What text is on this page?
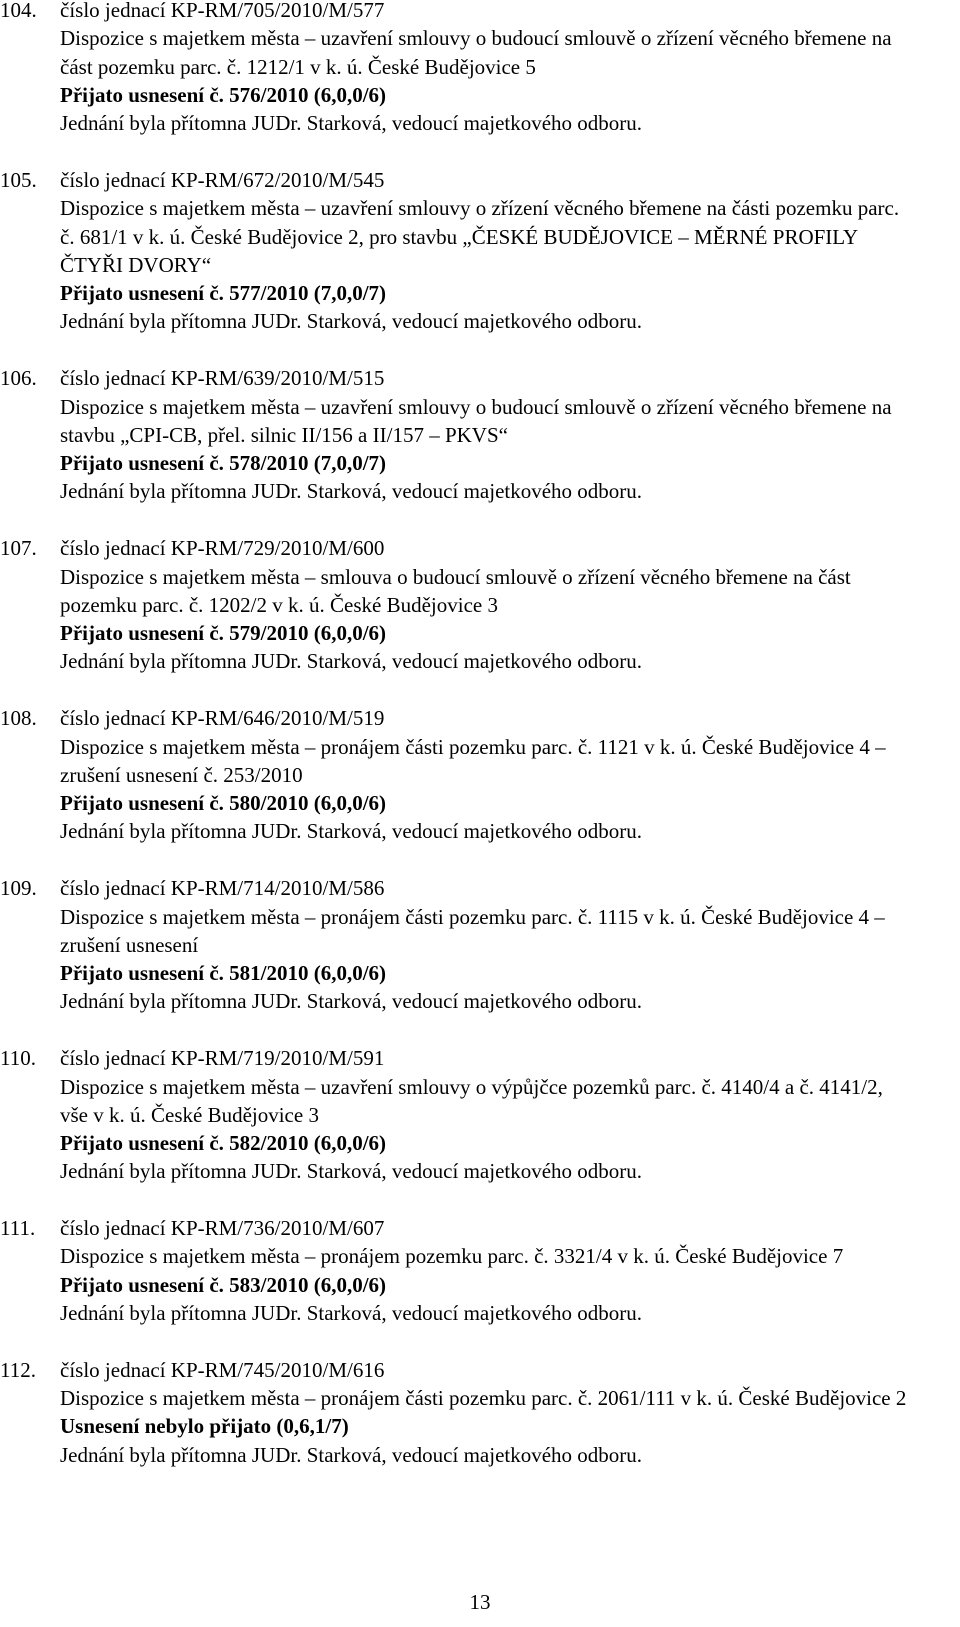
104. číslo jednací KP-RM/705/2010/M/577
Dispozice s majetkem města – uzavření smlouvy o budoucí smlouvě o zřízení věcného břemene na část pozemku parc. č. 1212/1 v k. ú. České Budějovice 5
Přijato usnesení č. 576/2010 (6,0,0/6)
Jednání byla přítomna JUDr. Starková, vedoucí majetkového odboru.
105. číslo jednací KP-RM/672/2010/M/545
Dispozice s majetkem města – uzavření smlouvy o zřízení věcného břemene na části pozemku parc. č. 681/1 v k. ú. České Budějovice 2, pro stavbu „ČESKÉ BUDĚJOVICE – MĚRNÉ PROFILY ČTYŘI DVORY“
Přijato usnesení č. 577/2010 (7,0,0/7)
Jednání byla přítomna JUDr. Starková, vedoucí majetkového odboru.
106. číslo jednací KP-RM/639/2010/M/515
Dispozice s majetkem města – uzavření smlouvy o budoucí smlouvě o zřízení věcného břemene na stavbu „CPI-CB, přel. silnic II/156 a II/157 – PKVS“
Přijato usnesení č. 578/2010 (7,0,0/7)
Jednání byla přítomna JUDr. Starková, vedoucí majetkového odboru.
107. číslo jednací KP-RM/729/2010/M/600
Dispozice s majetkem města – smlouva o budoucí smlouvě o zřízení věcného břemene na část pozemku parc. č. 1202/2 v k. ú. České Budějovice 3
Přijato usnesení č. 579/2010 (6,0,0/6)
Jednání byla přítomna JUDr. Starková, vedoucí majetkového odboru.
108. číslo jednací KP-RM/646/2010/M/519
Dispozice s majetkem města – pronájem části pozemku parc. č. 1121 v k. ú. České Budějovice 4 – zrušení usnesení č. 253/2010
Přijato usnesení č. 580/2010 (6,0,0/6)
Jednání byla přítomna JUDr. Starková, vedoucí majetkového odboru.
109. číslo jednací KP-RM/714/2010/M/586
Dispozice s majetkem města – pronájem části pozemku parc. č. 1115 v k. ú. České Budějovice 4 – zrušení usnesení
Přijato usnesení č. 581/2010 (6,0,0/6)
Jednání byla přítomna JUDr. Starková, vedoucí majetkového odboru.
110. číslo jednací KP-RM/719/2010/M/591
Dispozice s majetkem města – uzavření smlouvy o výpůjčce pozemků parc. č. 4140/4 a č. 4141/2, vše v k. ú. České Budějovice 3
Přijato usnesení č. 582/2010 (6,0,0/6)
Jednání byla přítomna JUDr. Starková, vedoucí majetkového odboru.
111. číslo jednací KP-RM/736/2010/M/607
Dispozice s majetkem města – pronájem pozemku parc. č. 3321/4 v k. ú. České Budějovice 7
Přijato usnesení č. 583/2010 (6,0,0/6)
Jednání byla přítomna JUDr. Starková, vedoucí majetkového odboru.
112. číslo jednací KP-RM/745/2010/M/616
Dispozice s majetkem města – pronájem části pozemku parc. č. 2061/111 v k. ú. České Budějovice 2
Usnesení nebylo přijato (0,6,1/7)
Jednání byla přítomna JUDr. Starková, vedoucí majetkového odboru.
13
